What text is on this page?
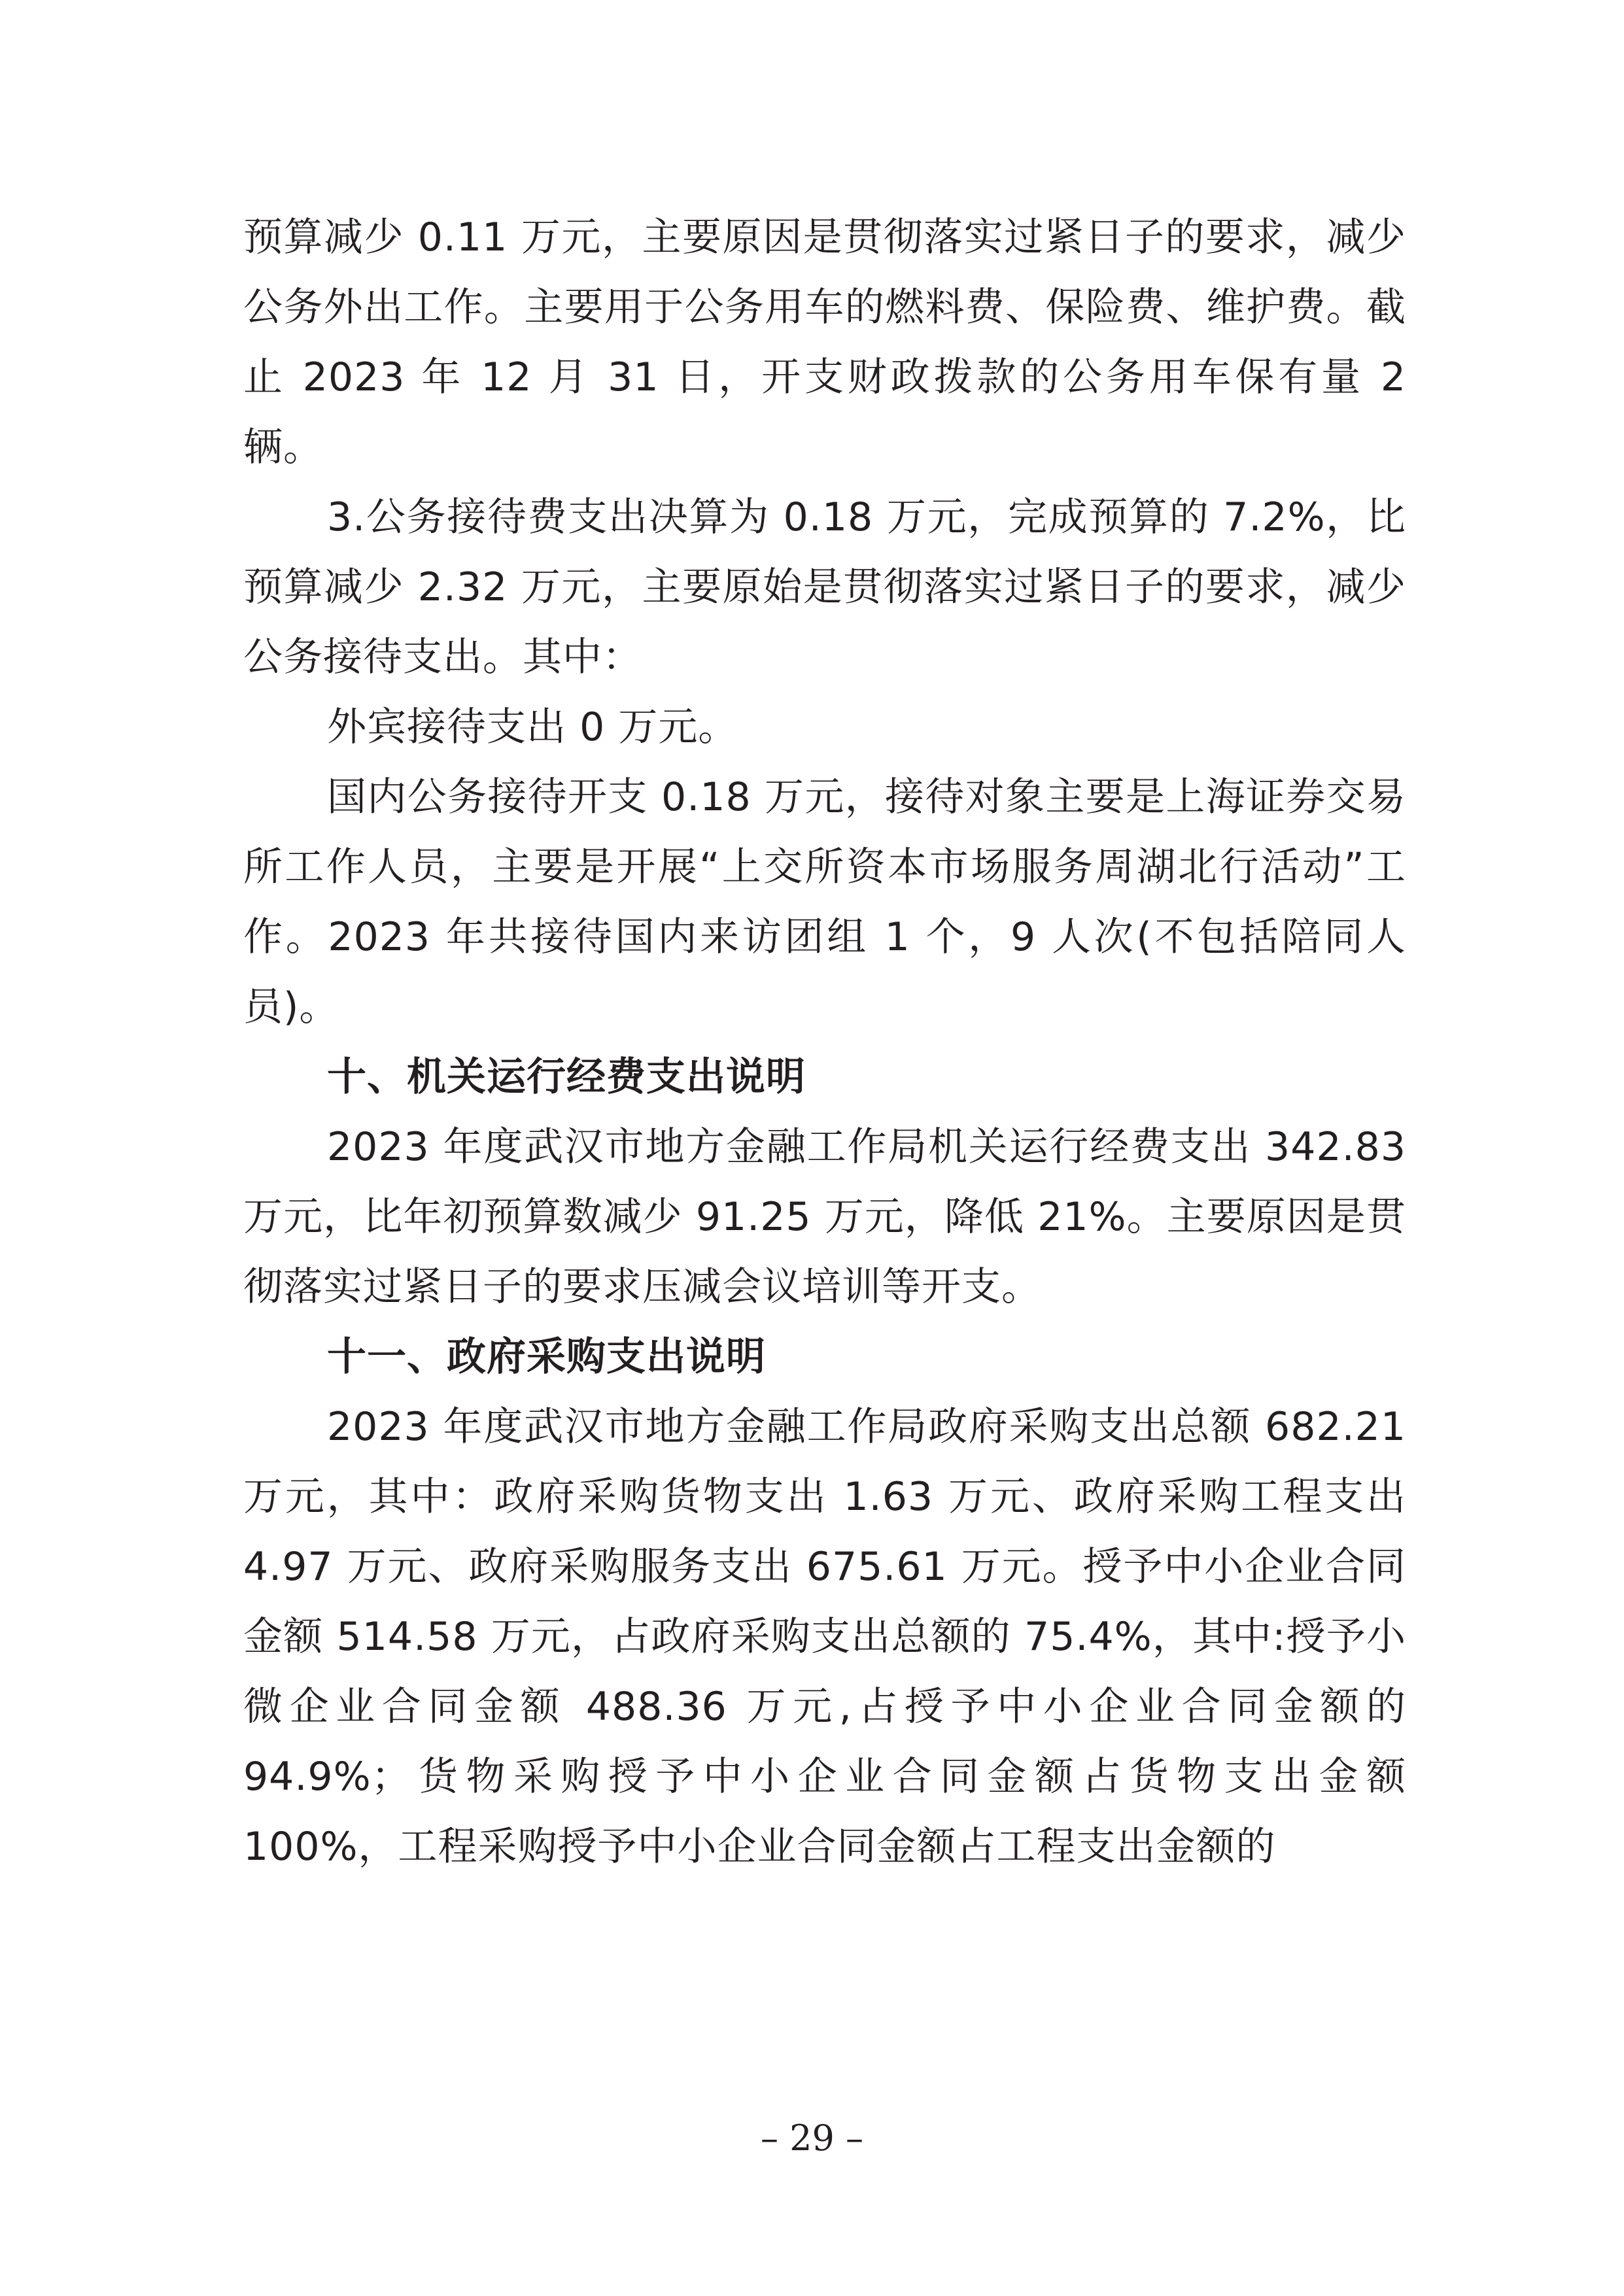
预算减少 0.11 万元，主要原因是贯彻落实过紧日子的要求，减少公务外出工作。主要用于公务用车的燃料费、保险费、维护费。截止 2023 年 12 月 31 日，开支财政拨款的公务用车保有量 2 辆。

3.公务接待费支出决算为 0.18 万元，完成预算的 7.2%，比预算减少 2.32 万元，主要原始是贯彻落实过紧日子的要求，减少公务接待支出。其中：

外宾接待支出 0 万元。

国内公务接待开支 0.18 万元，接待对象主要是上海证券交易所工作人员，主要是开展“上交所资本市场服务周湖北行活动”工作。2023 年共接待国内来访团组 1 个，9 人次(不包括陪同人员)。

十、机关运行经费支出说明

2023 年度武汉市地方金融工作局机关运行经费支出 342.83 万元，比年初预算数减少 91.25 万元，降低 21%。主要原因是贯彻落实过紧日子的要求压减会议培训等开支。

十一、政府采购支出说明

2023 年度武汉市地方金融工作局政府采购支出总额 682.21 万元，其中：政府采购货物支出 1.63 万元、政府采购工程支出 4.97 万元、政府采购服务支出 675.61 万元。授予中小企业合同金额 514.58 万元，占政府采购支出总额的 75.4%，其中:授予小微企业合同金额 488.36 万元,占授予中小企业合同金额的 94.9%；货物采购授予中小企业合同金额占货物支出金额 100%，工程采购授予中小企业合同金额占工程支出金额的

– 29 –
